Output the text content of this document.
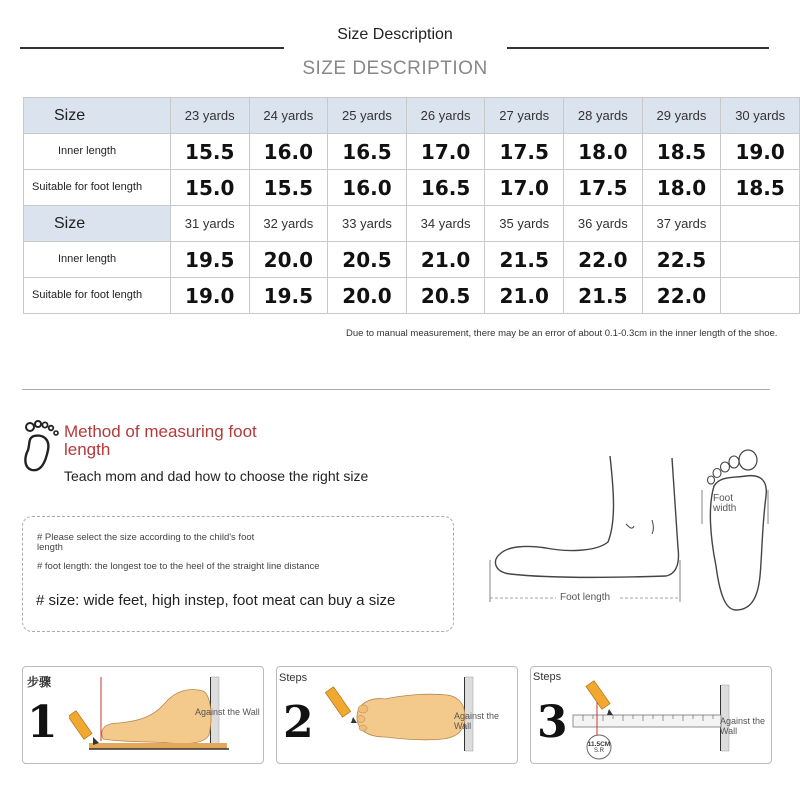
Size Description
SIZE DESCRIPTION
Size	23 yards	24 yards	25 yards	26 yards	27 yards	28 yards	29 yards	30 yards
Inner length	15.5	16.0	16.5	17.0	17.5	18.0	18.5	19.0
Suitable for foot length	15.0	15.5	16.0	16.5	17.0	17.5	18.0	18.5
Size	31 yards	32 yards	33 yards	34 yards	35 yards	36 yards	37 yards	
Inner length	19.5	20.0	20.5	21.0	21.5	22.0	22.5	
Suitable for foot length	19.0	19.5	20.0	20.5	21.0	21.5	22.0	
Due to manual measurement, there may be an error of about 0.1-0.3cm in the inner length of the shoe.
Method of measuring foot length
Teach mom and dad how to choose the right size
# Please select the size according to the child's foot length
# foot length: the longest toe to the heel of the straight line distance
# size: wide feet, high instep, foot meat can buy a size	Foot length
Foot width
步骤
1	Against the Wall
Steps
2	Against the Wall
Steps
3	11.5CM
S.R
Against the Wall
